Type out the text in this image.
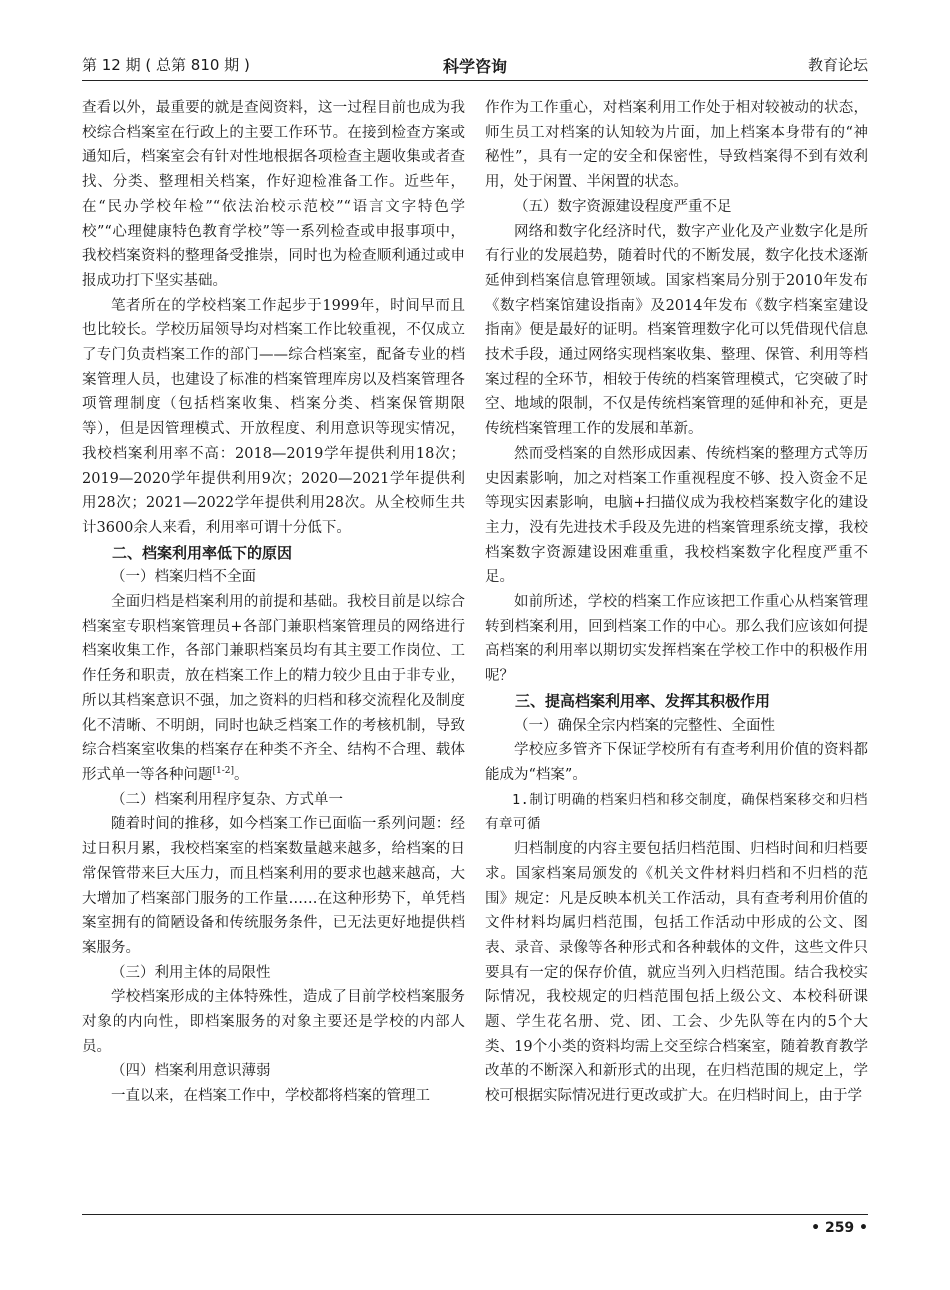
第 12 期 ( 总第 810 期 )	科学咨询	教育论坛

查看以外，最重要的就是查阅资料，这一过程目前也成为我校综合档案室在行政上的主要工作环节。在接到检查方案或通知后，档案室会有针对性地根据各项检查主题收集或者查找、分类、整理相关档案，作好迎检准备工作。近些年，在“民办学校年检”“依法治校示范校”“语言文字特色学校”“心理健康特色教育学校”等一系列检查或申报事项中，我校档案资料的整理备受推崇，同时也为检查顺利通过或申报成功打下坚实基础。

笔者所在的学校档案工作起步于1999年，时间早而且也比较长。学校历届领导均对档案工作比较重视，不仅成立了专门负责档案工作的部门——综合档案室，配备专业的档案管理人员，也建设了标准的档案管理库房以及档案管理各项管理制度（包括档案收集、档案分类、档案保管期限等），但是因管理模式、开放程度、利用意识等现实情况，我校档案利用率不高：2018—2019学年提供利用18次；2019—2020学年提供利用9次；2020—2021学年提供利用28次；2021—2022学年提供利用28次。从全校师生共计3600余人来看，利用率可谓十分低下。

二、档案利用率低下的原因

（一）档案归档不全面

全面归档是档案利用的前提和基础。我校目前是以综合档案室专职档案管理员+各部门兼职档案管理员的网络进行档案收集工作，各部门兼职档案员均有其主要工作岗位、工作任务和职责，放在档案工作上的精力较少且由于非专业，所以其档案意识不强，加之资料的归档和移交流程化及制度化不清晰、不明朗，同时也缺乏档案工作的考核机制，导致综合档案室收集的档案存在种类不齐全、结构不合理、载体形式单一等各种问题[1-2]。

（二）档案利用程序复杂、方式单一

随着时间的推移，如今档案工作已面临一系列问题：经过日积月累，我校档案室的档案数量越来越多，给档案的日常保管带来巨大压力，而且档案利用的要求也越来越高，大大增加了档案部门服务的工作量……在这种形势下，单凭档案室拥有的简陋设备和传统服务条件，已无法更好地提供档案服务。

（三）利用主体的局限性

学校档案形成的主体特殊性，造成了目前学校档案服务对象的内向性，即档案服务的对象主要还是学校的内部人员。

（四）档案利用意识薄弱

一直以来，在档案工作中，学校都将档案的管理工

作作为工作重心，对档案利用工作处于相对较被动的状态，师生员工对档案的认知较为片面，加上档案本身带有的“神秘性”，具有一定的安全和保密性，导致档案得不到有效利用，处于闲置、半闲置的状态。

（五）数字资源建设程度严重不足

网络和数字化经济时代，数字产业化及产业数字化是所有行业的发展趋势，随着时代的不断发展，数字化技术逐渐延伸到档案信息管理领域。国家档案局分别于2010年发布《数字档案馆建设指南》及2014年发布《数字档案室建设指南》便是最好的证明。档案管理数字化可以凭借现代信息技术手段，通过网络实现档案收集、整理、保管、利用等档案过程的全环节，相较于传统的档案管理模式，它突破了时空、地域的限制，不仅是传统档案管理的延伸和补充，更是传统档案管理工作的发展和革新。

然而受档案的自然形成因素、传统档案的整理方式等历史因素影响，加之对档案工作重视程度不够、投入资金不足等现实因素影响，电脑+扫描仪成为我校档案数字化的建设主力，没有先进技术手段及先进的档案管理系统支撑，我校档案数字资源建设困难重重，我校档案数字化程度严重不足。

如前所述，学校的档案工作应该把工作重心从档案管理转到档案利用，回到档案工作的中心。那么我们应该如何提高档案的利用率以期切实发挥档案在学校工作中的积极作用呢？

三、提高档案利用率、发挥其积极作用

（一）确保全宗内档案的完整性、全面性

学校应多管齐下保证学校所有有查考利用价值的资料都能成为“档案”。

1.制订明确的档案归档和移交制度，确保档案移交和归档有章可循

归档制度的内容主要包括归档范围、归档时间和归档要求。国家档案局颁发的《机关文件材料归档和不归档的范围》规定：凡是反映本机关工作活动，具有查考利用价值的文件材料均属归档范围，包括工作活动中形成的公文、图表、录音、录像等各种形式和各种载体的文件，这些文件只要具有一定的保存价值，就应当列入归档范围。结合我校实际情况，我校规定的归档范围包括上级公文、本校科研课题、学生花名册、党、团、工会、少先队等在内的5个大类、19个小类的资料均需上交至综合档案室，随着教育教学改革的不断深入和新形式的出现，在归档范围的规定上，学校可根据实际情况进行更改或扩大。在归档时间上，由于学

• 259 •
